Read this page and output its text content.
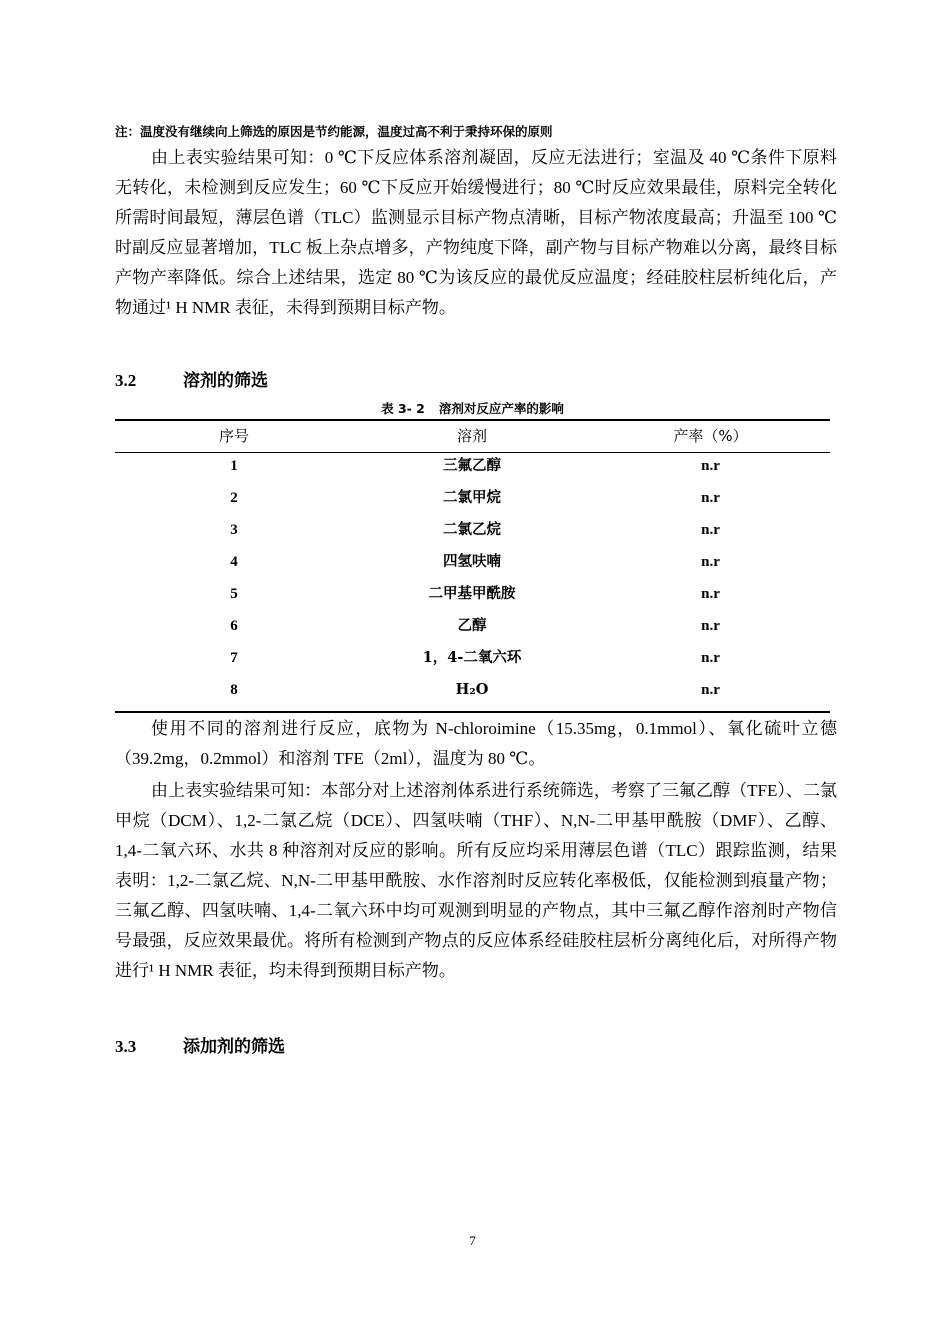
注：温度没有继续向上筛选的原因是节约能源，温度过高不利于秉持环保的原则

由上表实验结果可知：0 ℃下反应体系溶剂凝固，反应无法进行；室温及 40 ℃条件下原料无转化，未检测到反应发生；60 ℃下反应开始缓慢进行；80 ℃时反应效果最佳，原料完全转化所需时间最短，薄层色谱（TLC）监测显示目标产物点清晰，目标产物浓度最高；升温至 100 ℃时副反应显著增加，TLC 板上杂点增多，产物纯度下降，副产物与目标产物难以分离，最终目标产物产率降低。综合上述结果，选定 80 ℃为该反应的最优反应温度；经硅胶柱层析纯化后，产物通过¹ H NMR 表征，未得到预期目标产物。

3.2	溶剂的筛选
表 3- 2 溶剂对反应产率的影响
序号	溶剂	产率（%）
1	三氟乙醇	n.r
2	二氯甲烷	n.r
3	二氯乙烷	n.r
4	四氢呋喃	n.r
5	二甲基甲酰胺	n.r
6	乙醇	n.r
7	1，4-二氧六环	n.r
8	H₂O	n.r

使用不同的溶剂进行反应，底物为 N-chloroimine（15.35mg，0.1mmol）、氧化硫叶立德（39.2mg，0.2mmol）和溶剂 TFE（2ml），温度为 80 ℃。

由上表实验结果可知：本部分对上述溶剂体系进行系统筛选，考察了三氟乙醇（TFE）、二氯甲烷（DCM）、1,2-二氯乙烷（DCE）、四氢呋喃（THF）、N,N-二甲基甲酰胺（DMF）、乙醇、1,4-二氧六环、水共 8 种溶剂对反应的影响。所有反应均采用薄层色谱（TLC）跟踪监测，结果表明：1,2-二氯乙烷、N,N-二甲基甲酰胺、水作溶剂时反应转化率极低，仅能检测到痕量产物；三氟乙醇、四氢呋喃、1,4-二氧六环中均可观测到明显的产物点，其中三氟乙醇作溶剂时产物信号最强，反应效果最优。将所有检测到产物点的反应体系经硅胶柱层析分离纯化后，对所得产物进行¹ H NMR 表征，均未得到预期目标产物。

3.3	添加剂的筛选
7
